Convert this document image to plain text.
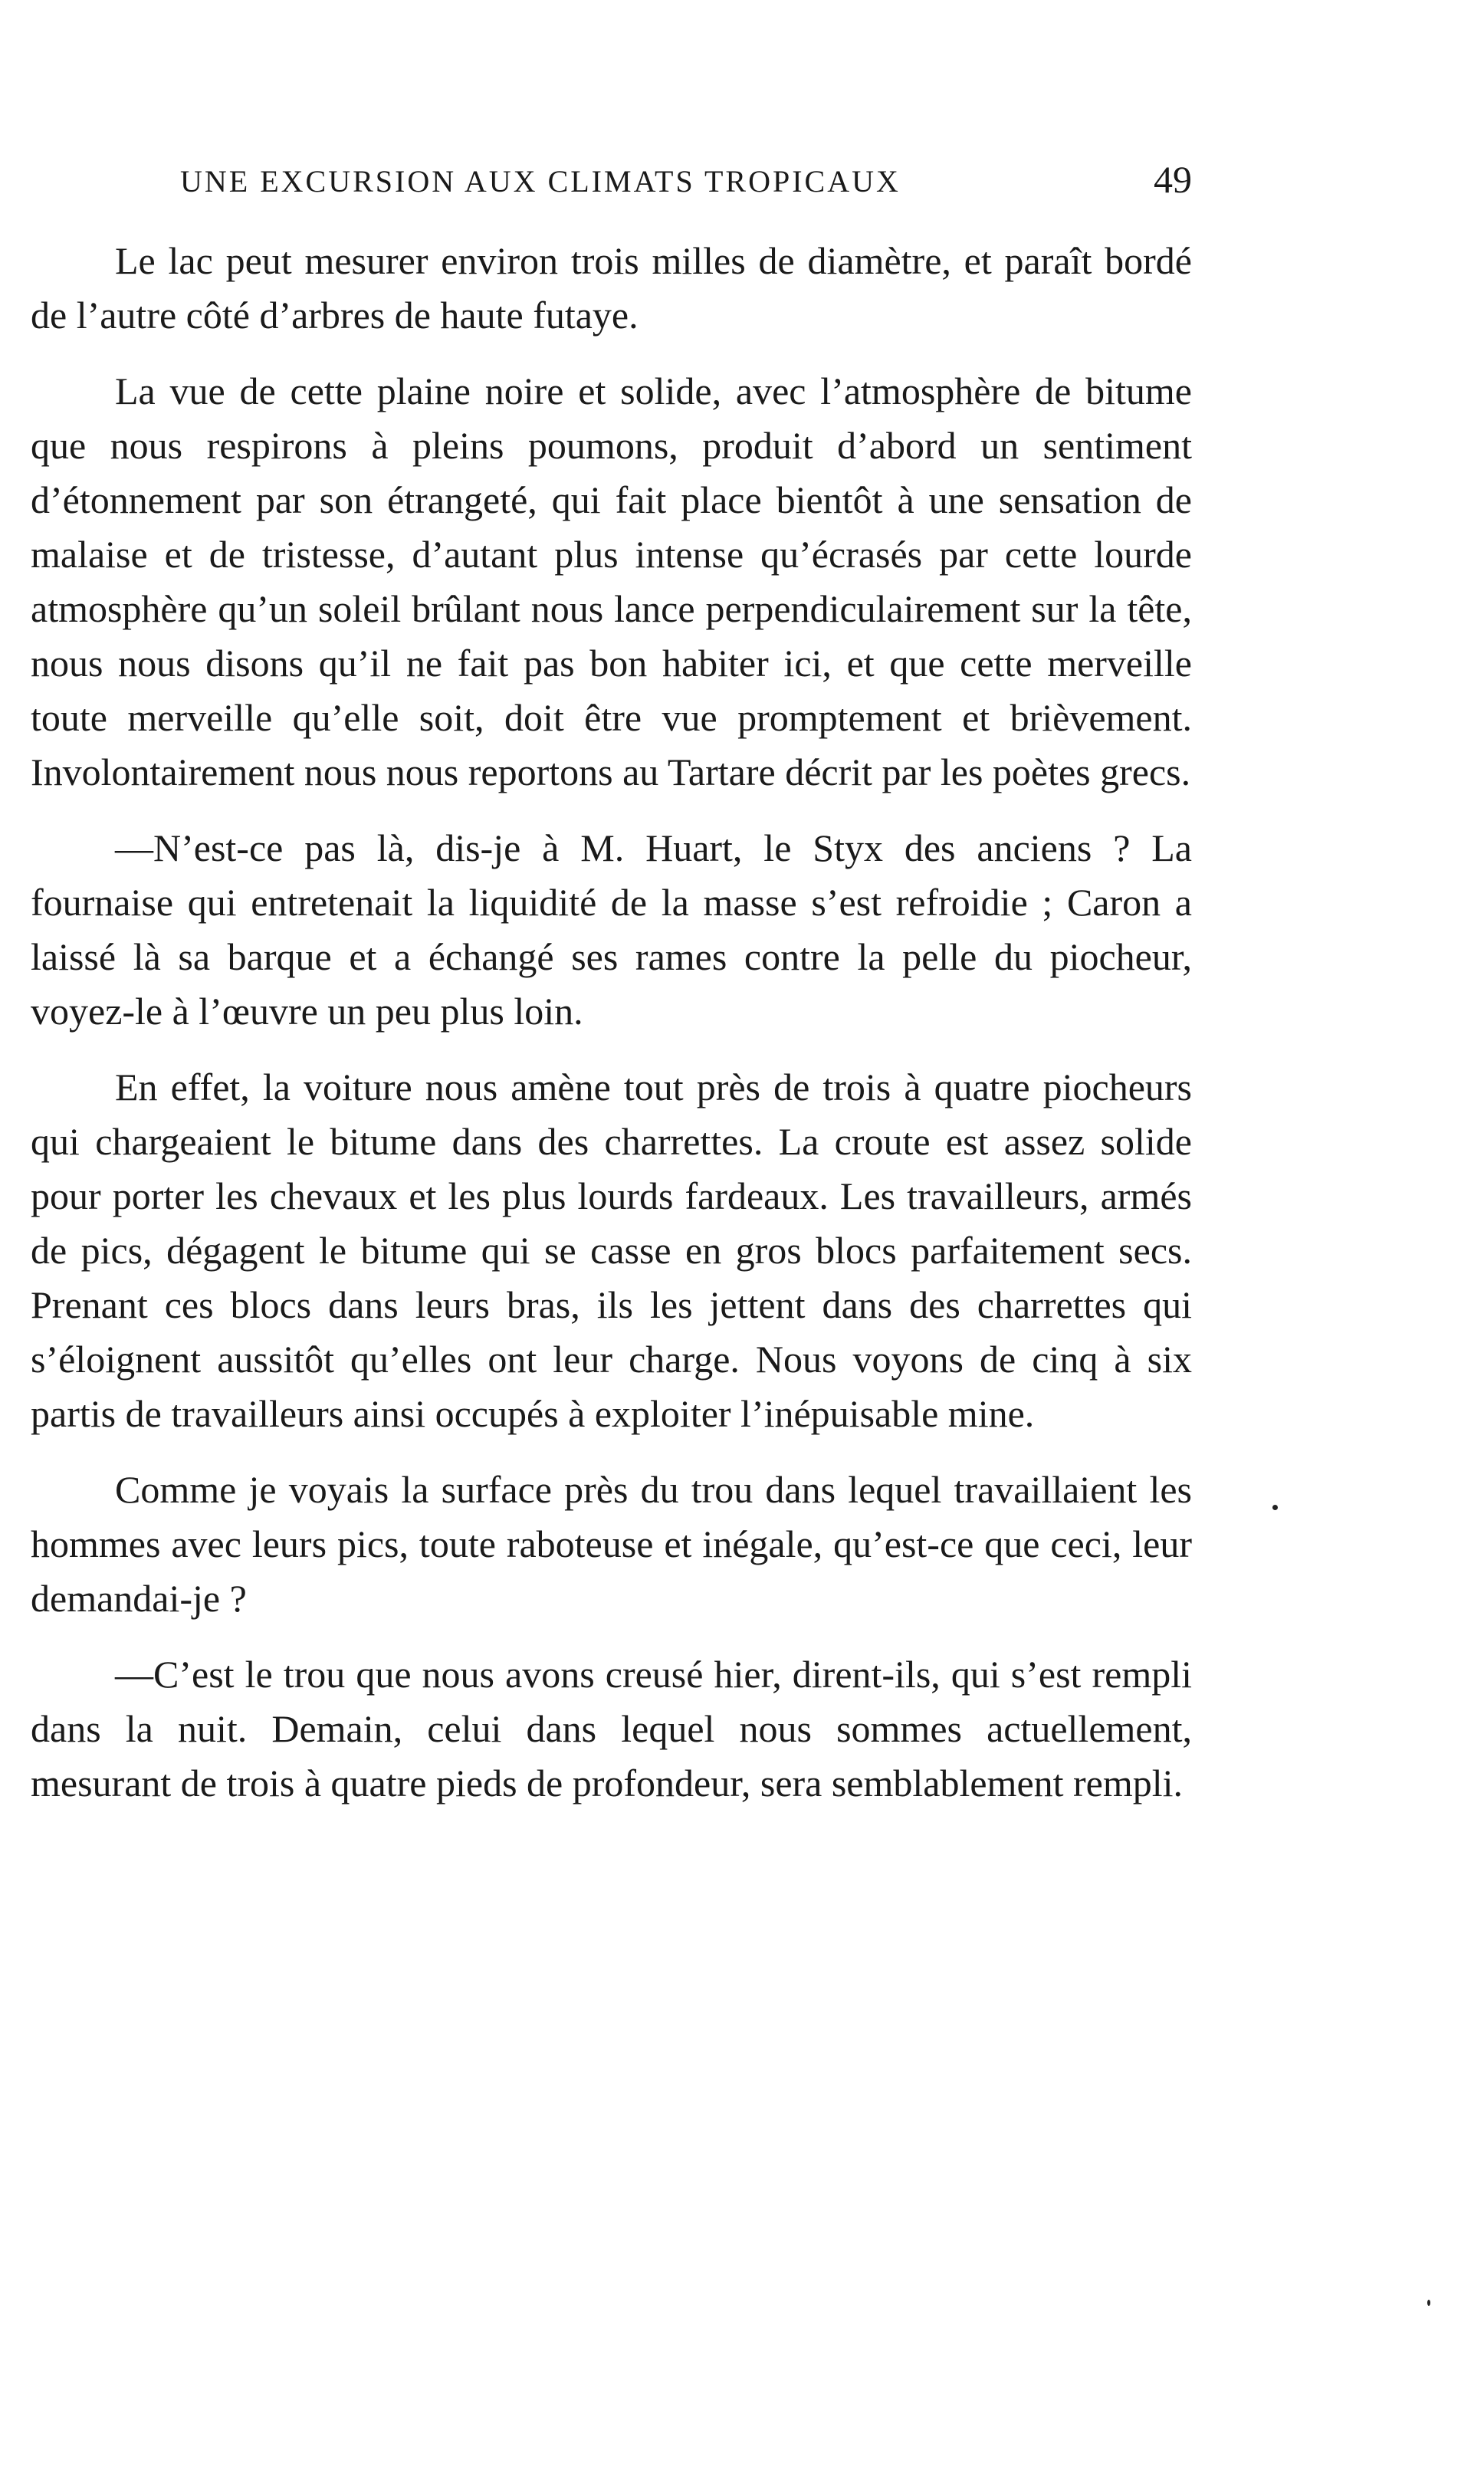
UNE EXCURSION AUX CLIMATS TROPICAUX	49

Le lac peut mesurer environ trois milles de diamètre, et paraît bordé de l’autre côté d’arbres de haute futaye.

La vue de cette plaine noire et solide, avec l’atmosphère de bitume que nous respirons à pleins poumons, produit d’abord un sentiment d’étonnement par son étrangeté, qui fait place bientôt à une sensation de malaise et de tristesse, d’autant plus intense qu’écrasés par cette lourde atmosphère qu’un soleil brûlant nous lance perpendiculairement sur la tête, nous nous disons qu’il ne fait pas bon habiter ici, et que cette merveille toute merveille qu’elle soit, doit être vue promptement et brièvement. Involontairement nous nous reportons au Tartare décrit par les poètes grecs.

—N’est-ce pas là, dis-je à M. Huart, le Styx des anciens ? La fournaise qui entretenait la liquidité de la masse s’est refroidie ; Caron a laissé là sa barque et a échangé ses rames contre la pelle du piocheur, voyez-le à l’œuvre un peu plus loin.

En effet, la voiture nous amène tout près de trois à quatre piocheurs qui chargeaient le bitume dans des charrettes. La croute est assez solide pour porter les chevaux et les plus lourds fardeaux. Les travailleurs, armés de pics, dégagent le bitume qui se casse en gros blocs parfaitement secs. Prenant ces blocs dans leurs bras, ils les jettent dans des charrettes qui s’éloignent aussitôt qu’elles ont leur charge. Nous voyons de cinq à six partis de travailleurs ainsi occupés à exploiter l’inépuisable mine.

Comme je voyais la surface près du trou dans lequel travaillaient les hommes avec leurs pics, toute raboteuse et inégale, qu’est-ce que ceci, leur demandai-je ?

—C’est le trou que nous avons creusé hier, dirent-ils, qui s’est rempli dans la nuit. Demain, celui dans lequel nous sommes actuellement, mesurant de trois à quatre pieds de profondeur, sera semblablement rempli.
